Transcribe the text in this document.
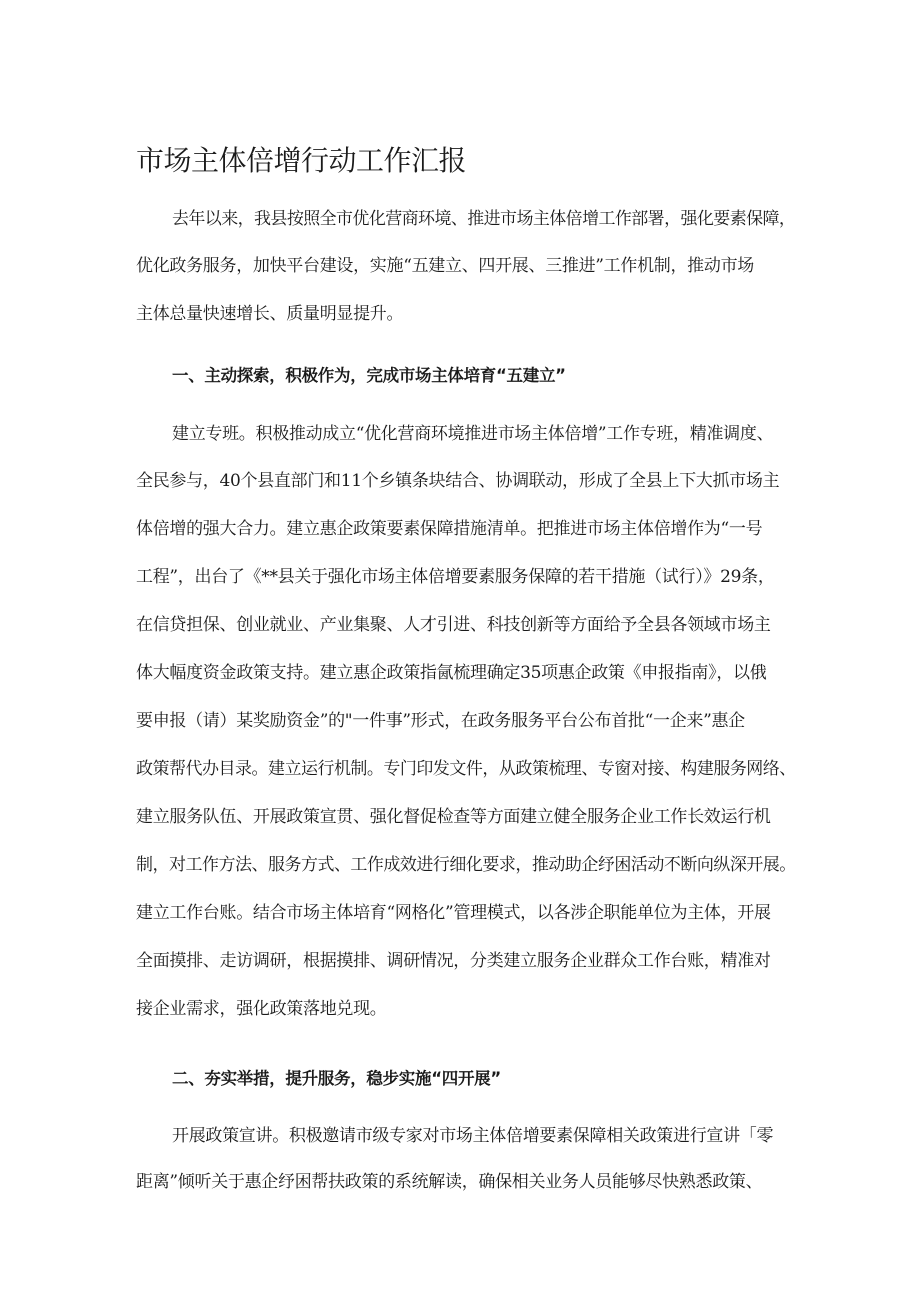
市场主体倍增行动工作汇报
去年以来，我县按照全市优化营商环境、推进市场主体倍增工作部署，强化要素保障，
优化政务服务，加快平台建设，实施“五建立、四开展、三推进”工作机制，推动市场
主体总量快速增长、质量明显提升。
一、主动探索，积极作为，完成市场主体培育“五建立”
建立专班。积极推动成立“优化营商环境推进市场主体倍增”工作专班，精准调度、
全民参与，40个县直部门和11个乡镇条块结合、协调联动，形成了全县上下大抓市场主
体倍增的强大合力。建立惠企政策要素保障措施清单。把推进市场主体倍增作为“一号
工程”，出台了《**县关于强化市场主体倍增要素服务保障的若干措施（试行）》29条，
在信贷担保、创业就业、产业集聚、人才引进、科技创新等方面给予全县各领域市场主
体大幅度资金政策支持。建立惠企政策指氤梳理确定35项惠企政策《申报指南》，以俄
要申报（请）某奖励资金”的"一件事”形式，在政务服务平台公布首批“一企来”惠企
政策帮代办目录。建立运行机制。专门印发文件，从政策梳理、专窗对接、构建服务网络、
建立服务队伍、开展政策宣贯、强化督促检查等方面建立健全服务企业工作长效运行机
制，对工作方法、服务方式、工作成效进行细化要求，推动助企纾困活动不断向纵深开展。
建立工作台账。结合市场主体培育“网格化”管理模式，以各涉企职能单位为主体，开展
全面摸排、走访调研，根据摸排、调研情况，分类建立服务企业群众工作台账，精准对
接企业需求，强化政策落地兑现。
二、夯实举措，提升服务，稳步实施“四开展”
开展政策宣讲。积极邀请市级专家对市场主体倍增要素保障相关政策进行宣讲「零
距离”倾听关于惠企纾困帮扶政策的系统解读，确保相关业务人员能够尽快熟悉政策、
